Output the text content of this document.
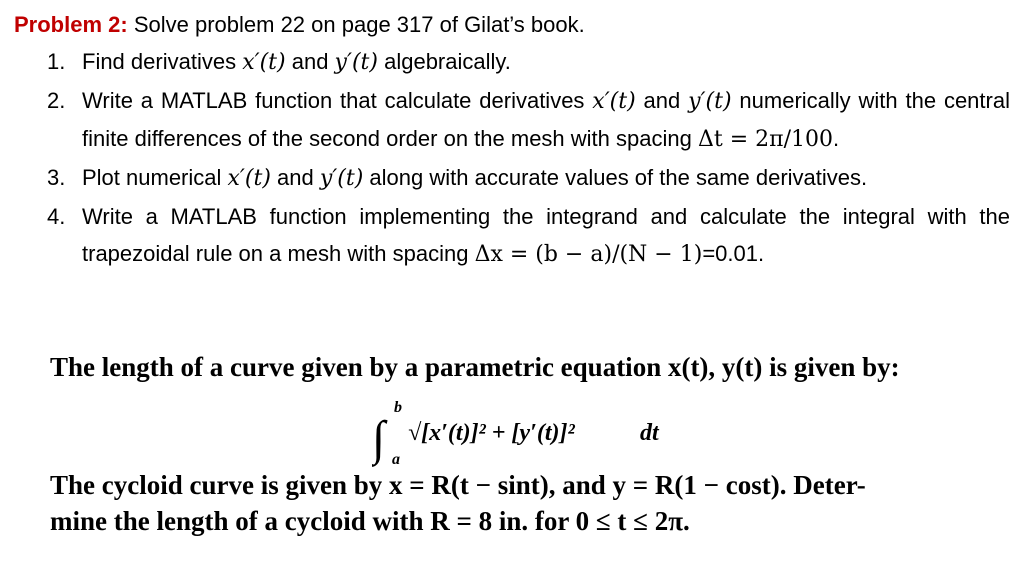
Problem 2: Solve problem 22 on page 317 of Gilat’s book.
1. Find derivatives x′(t) and y′(t) algebraically.
2. Write a MATLAB function that calculate derivatives x′(t) and y′(t) numerically with the central finite differences of the second order on the mesh with spacing Δt = 2π/100.
3. Plot numerical x′(t) and y′(t) along with accurate values of the same derivatives.
4. Write a MATLAB function implementing the integrand and calculate the integral with the trapezoidal rule on a mesh with spacing Δx = (b − a)/(N − 1)=0.01.
The length of a curve given by a parametric equation x(t), y(t) is given by:
∫
b
a
√[x′(t)]² + [y′(t)]²	dt
The cycloid curve is given by x = R(t − sint), and y = R(1 − cost). Deter-
mine the length of a cycloid with R = 8 in. for 0 ≤ t ≤ 2π.
